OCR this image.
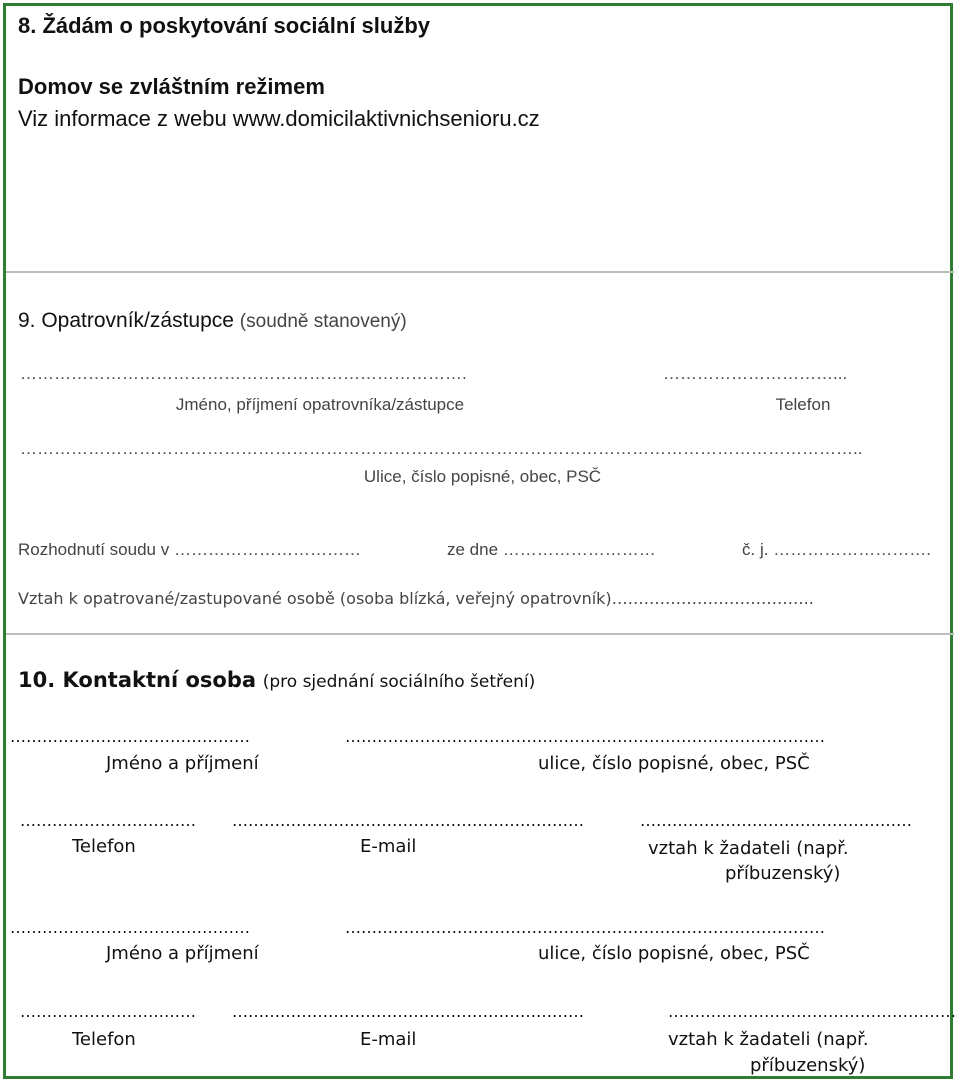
8. Žádám o poskytování sociální služby
Domov se zvláštním režimem
Viz informace z webu www.domicilaktivnichsenioru.cz
9. Opatrovník/zástupce (soudně stanovený)
…………………………………………………………………….	…………………………...
Jméno, příjmení opatrovníka/zástupce	Telefon
…………………………………………………………………………………………………………………………………..
Ulice, číslo popisné, obec, PSČ
Rozhodnutí soudu v ……………………………	ze dne ………………………	č. j. ……………………….
Vztah k opatrované/zastupované osobě (osoba blízká, veřejný opatrovník)………………………………..
10. Kontaktní osoba (pro sjednání sociálního šetření)
………………………………………	………………………………………………………………………………
Jméno a příjmení	ulice, číslo popisné, obec, PSČ
…………………………… …………………………………………………………	……………………………………………
Telefon	E-mail	vztah k žadateli (např.
příbuzenský)
………………………………………	………………………………………………………………………………
Jméno a příjmení	ulice, číslo popisné, obec, PSČ
…………………………… …………………………………………………………	………………………………………………
Telefon	E-mail	vztah k žadateli (např.
příbuzenský)
